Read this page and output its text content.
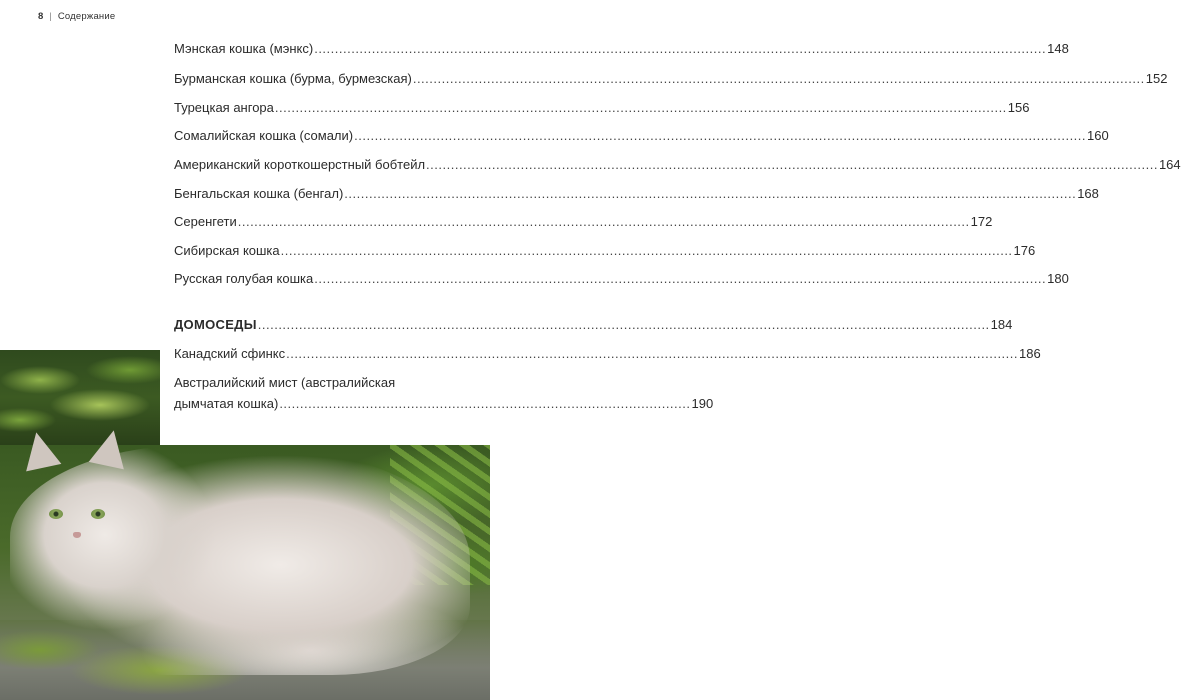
8 | Содержание
Мэнская кошка (мэнкс) .....	148
Бурманская кошка (бурма, бурмезская) .....	152
Турецкая ангора .....	156
Сомалийская кошка (сомали) .....	160
Американский короткошерстный бобтейл .....	164
Бенгальская кошка (бенгал) .....	168
Серенгети .....	172
Сибирская кошка .....	176
Русская голубая кошка .....	180
ДОМОСЕДЫ .....	184
Канадский сфинкс .....	186
Австралийский мист (австралийская
дымчатая кошка) .................................................................................................... 190
